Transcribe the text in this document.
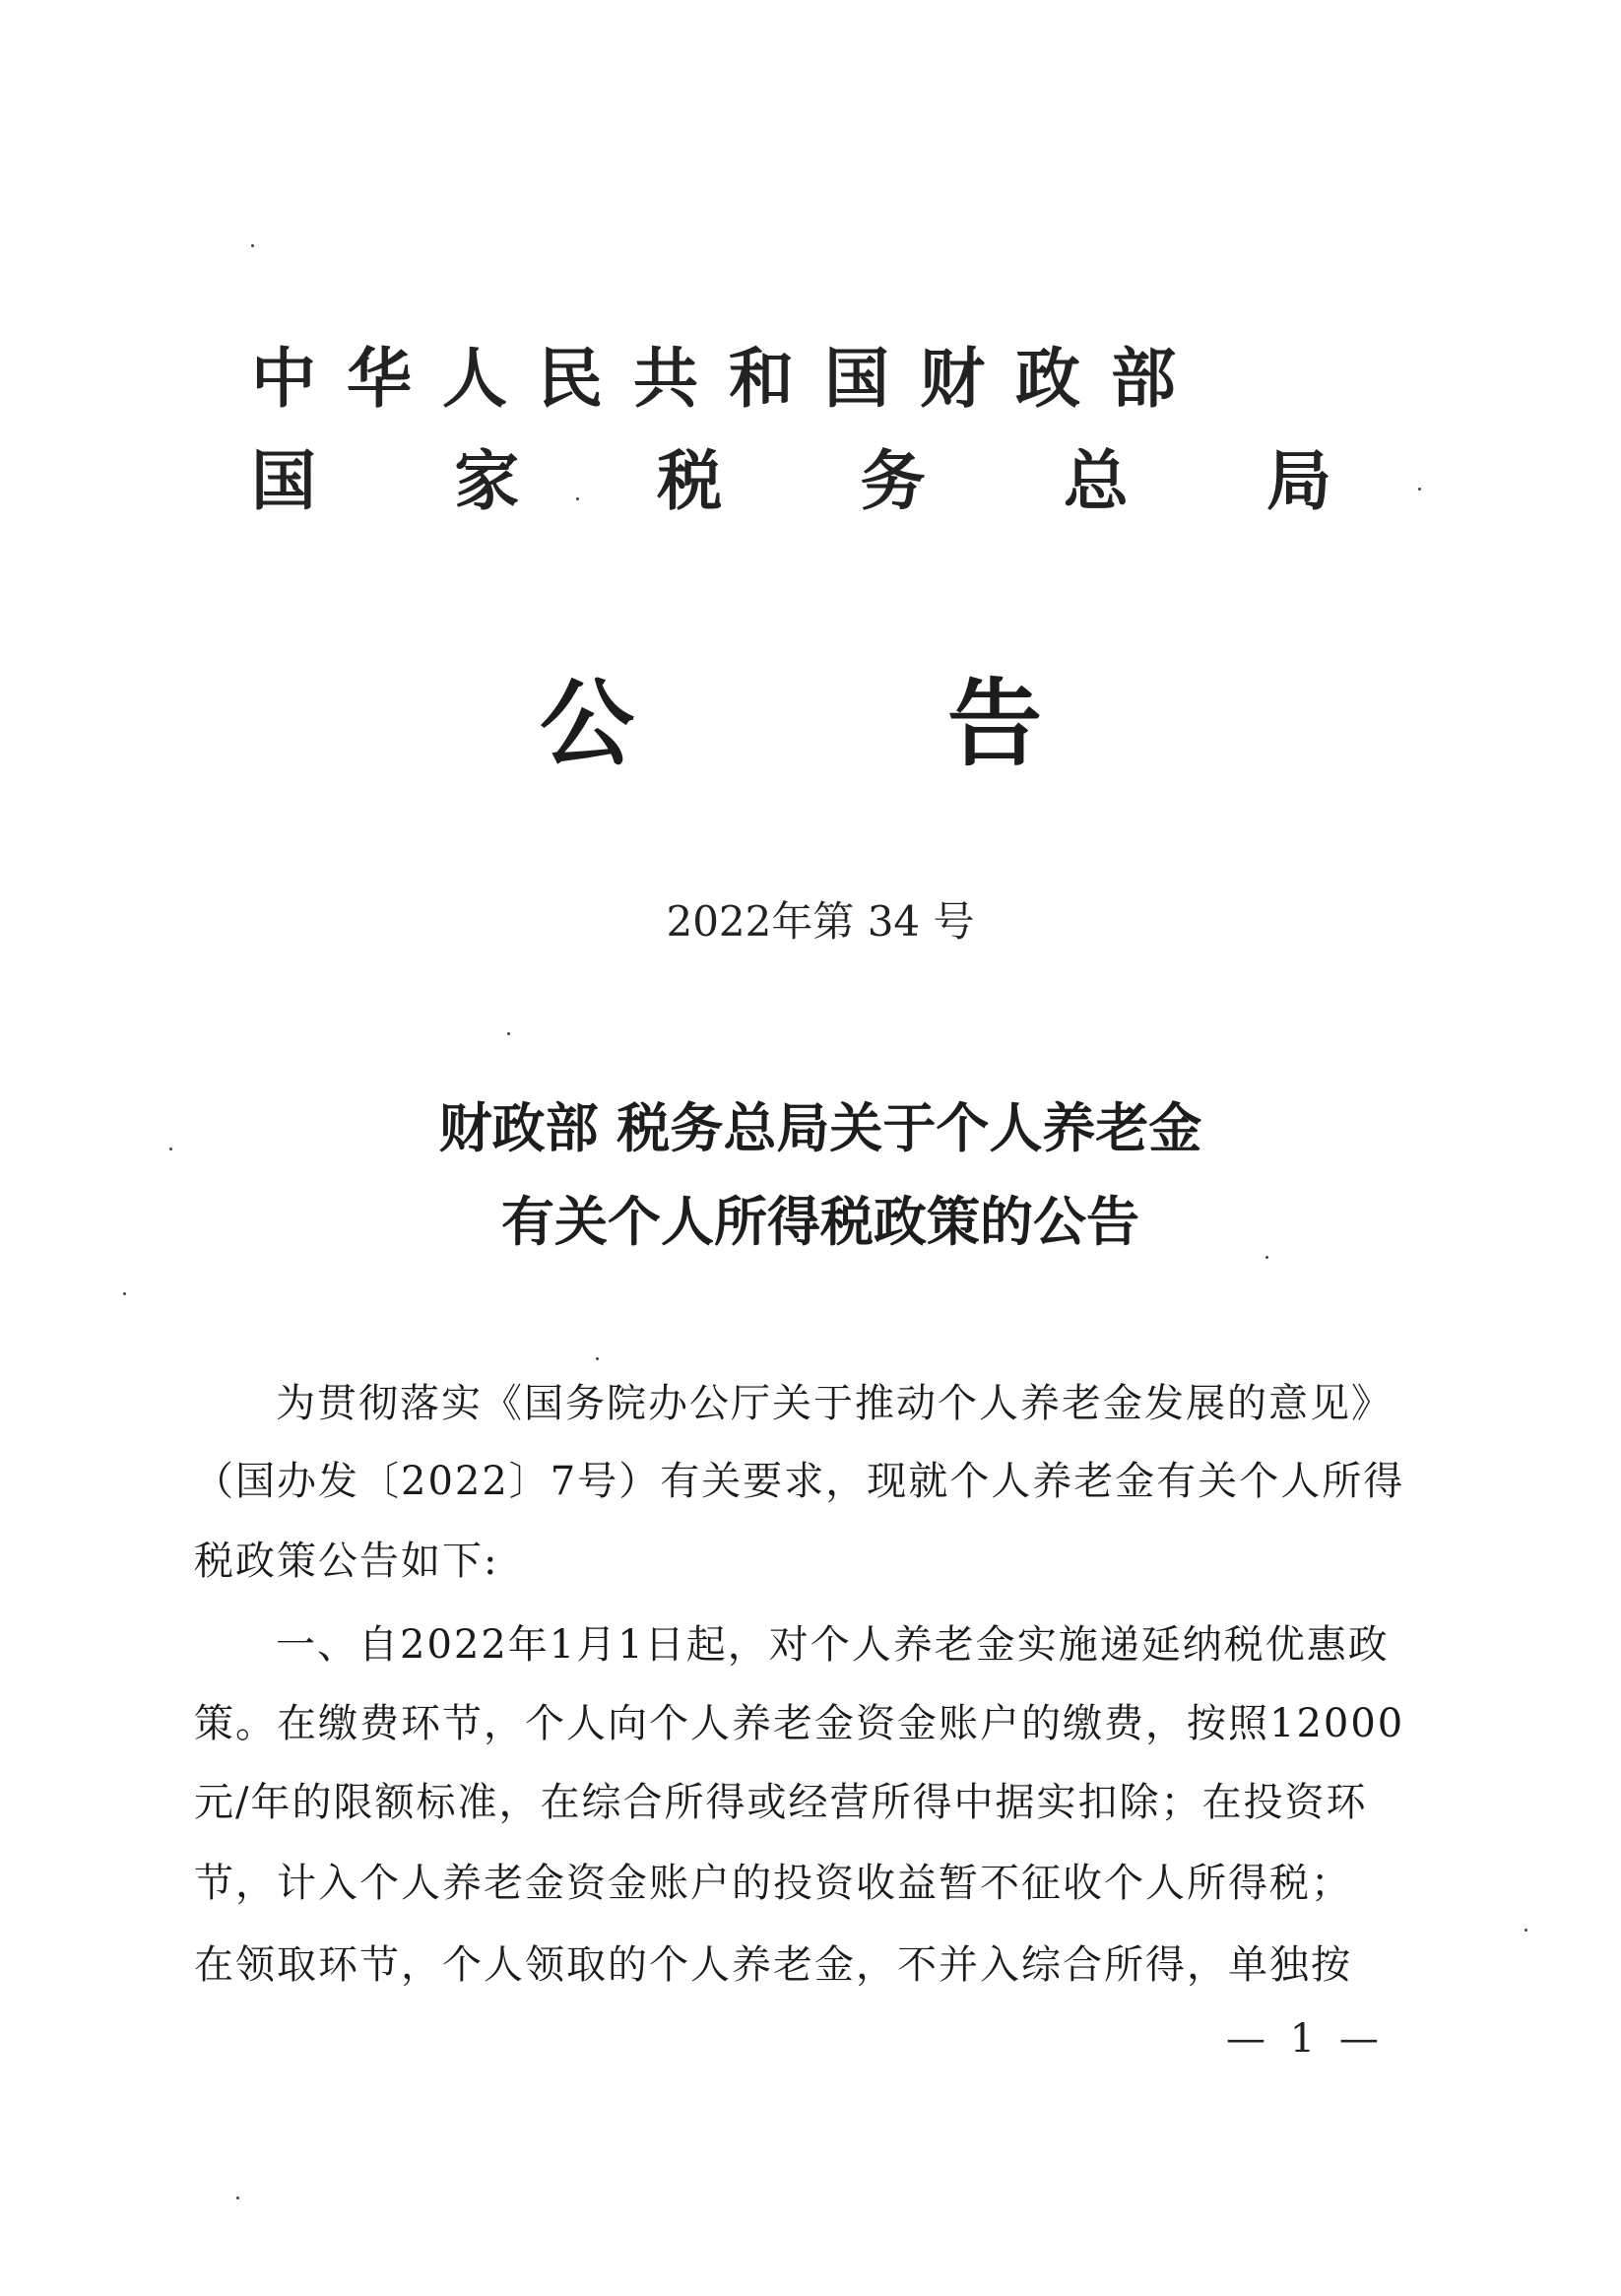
中华人民共和国财政部
国 家 税 务 总 局
公	告
2022年第 34 号
财政部 税务总局关于个人养老金
有关个人所得税政策的公告
为贯彻落实《国务院办公厅关于推动个人养老金发展的意见》
（国办发〔2022〕7号）有关要求，现就个人养老金有关个人所得
税政策公告如下:
一、自2022年1月1日起，对个人养老金实施递延纳税优惠政
策。在缴费环节，个人向个人养老金资金账户的缴费，按照12000
元/年的限额标准，在综合所得或经营所得中据实扣除；在投资环
节，计入个人养老金资金账户的投资收益暂不征收个人所得税；
在领取环节，个人领取的个人养老金，不并入综合所得，单独按
— 1 —
